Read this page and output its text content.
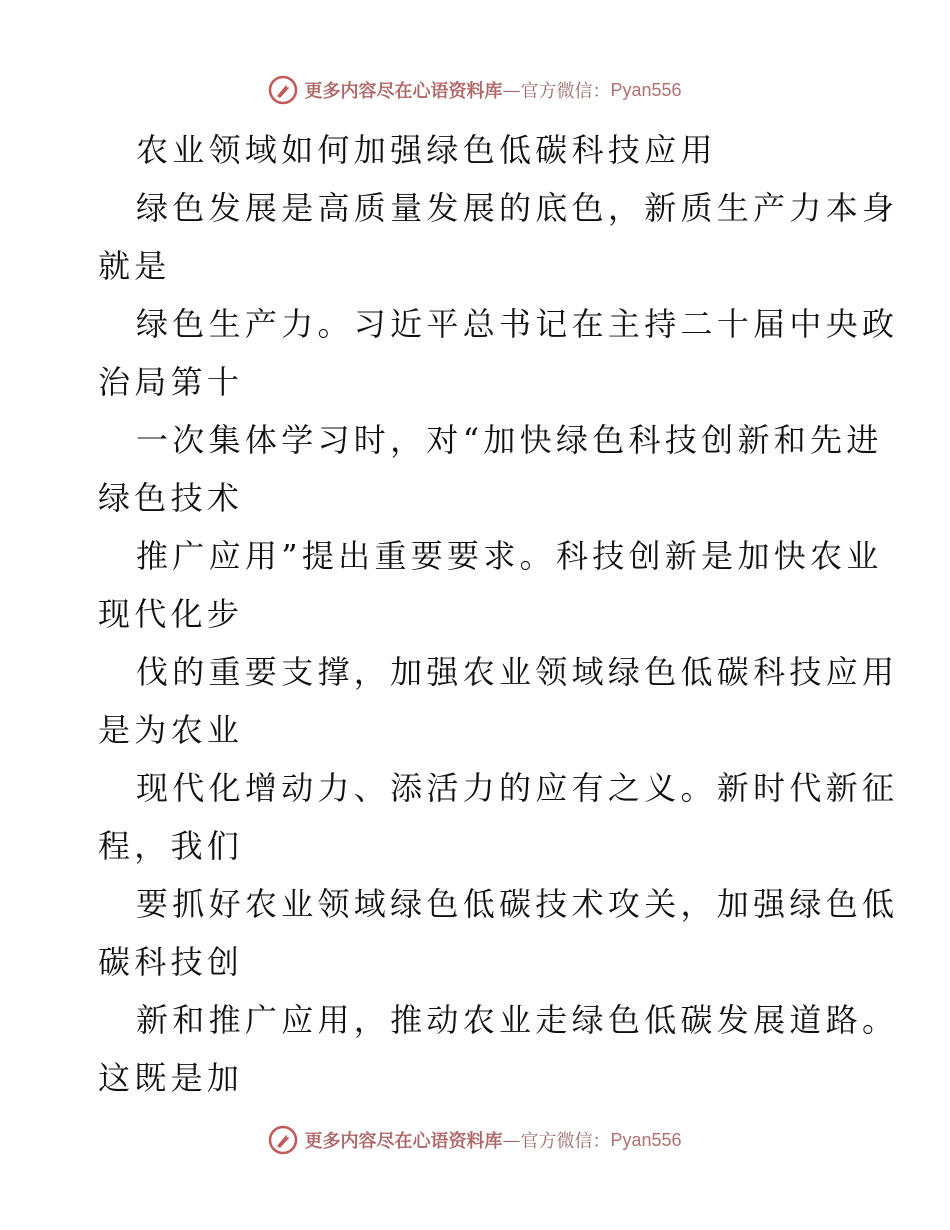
更多内容尽在心语资料库 — 官方微信： Pyan556
农业领域如何加强绿色低碳科技应用
绿色发展是高质量发展的底色，新质生产力本身
就是
绿色生产力。习近平总书记在主持二十届中央政
治局第十
一次集体学习时，对“加快绿色科技创新和先进
绿色技术
推广应用”提出重要要求。科技创新是加快农业
现代化步
伐的重要支撑，加强农业领域绿色低碳科技应用
是为农业
现代化增动力、添活力的应有之义。新时代新征
程，我们
要抓好农业领域绿色低碳技术攻关，加强绿色低
碳科技创
新和推广应用，推动农业走绿色低碳发展道路。
这既是加
更多内容尽在心语资料库 — 官方微信： Pyan556
